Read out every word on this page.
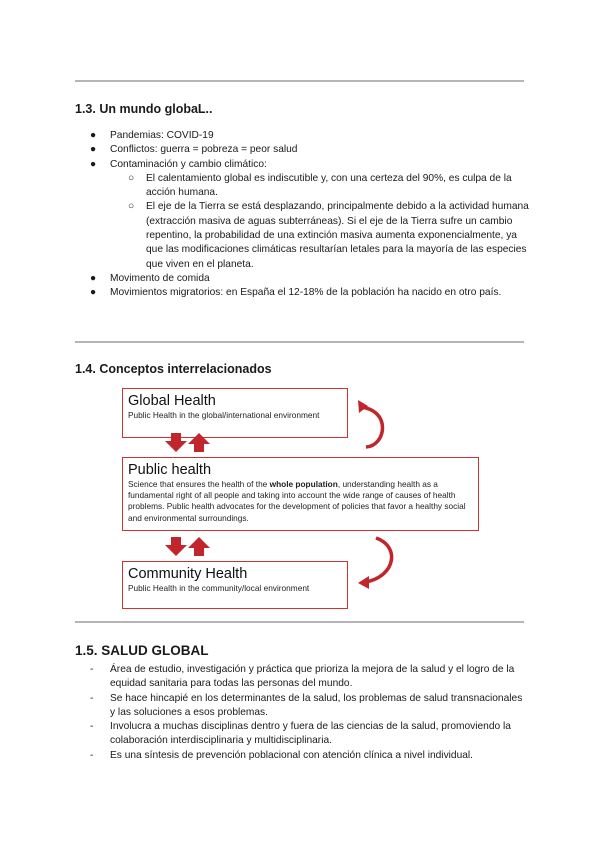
1.3. Un mundo globaL..
●	Pandemias: COVID-19
●	Conflictos: guerra = pobreza = peor salud
●	Contaminación y cambio climático:
○	El calentamiento global es indiscutible y, con una certeza del 90%, es culpa de la acción humana.
○	El eje de la Tierra se está desplazando, principalmente debido a la actividad humana (extracción masiva de aguas subterráneas). Si el eje de la Tierra sufre un cambio repentino, la probabilidad de una extinción masiva aumenta exponencialmente, ya que las modificaciones climáticas resultarían letales para la mayoría de las especies que viven en el planeta.
●	Movimento de comida
●	Movimientos migratorios: en España el 12-18% de la población ha nacido en otro país.
1.4. Conceptos interrelacionados
Global Health
Public Health in the global/international environment
Public health
Science that ensures the health of the whole population, understanding health as a fundamental right of all people and taking into account the wide range of causes of health problems. Public health advocates for the development of policies that favor a healthy social and environmental surroundings.
Community Health
Public Health in the community/local environment
1.5. SALUD GLOBAL
-	Área de estudio, investigación y práctica que prioriza la mejora de la salud y el logro de la equidad sanitaria para todas las personas del mundo.
-	Se hace hincapié en los determinantes de la salud, los problemas de salud transnacionales y las soluciones a esos problemas.
-	Involucra a muchas disciplinas dentro y fuera de las ciencias de la salud, promoviendo la colaboración interdisciplinaria y multidisciplinaria.
-	Es una síntesis de prevención poblacional con atención clínica a nivel individual.
